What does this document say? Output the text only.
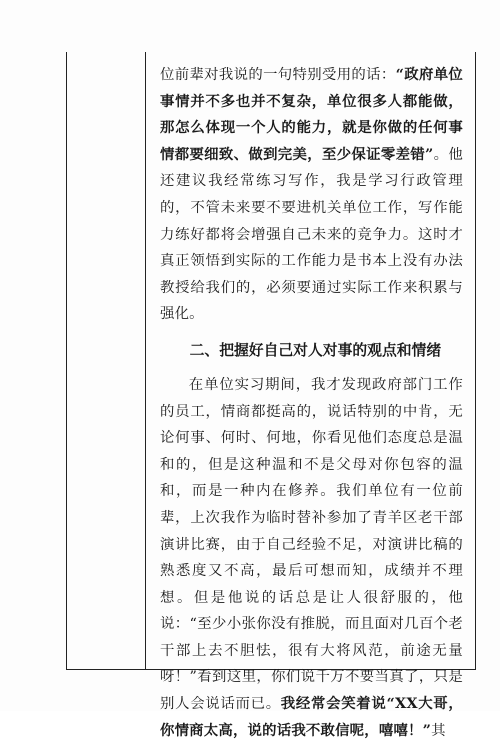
位前辈对我说的一句特别受用的话：“政府单位事情并不多也并不复杂，单位很多人都能做，那怎么体现一个人的能力，就是你做的任何事情都要细致、做到完美，至少保证零差错”。他还建议我经常练习写作，我是学习行政管理的，不管未来要不要进机关单位工作，写作能力练好都将会增强自己未来的竞争力。这时才真正领悟到实际的工作能力是书本上没有办法教授给我们的，必须要通过实际工作来积累与强化。

二、把握好自己对人对事的观点和情绪

在单位实习期间，我才发现政府部门工作的员工，情商都挺高的，说话特别的中肯，无论何事、何时、何地，你看见他们态度总是温和的，但是这种温和不是父母对你包容的温和，而是一种内在修养。我们单位有一位前辈，上次我作为临时替补参加了青羊区老干部演讲比赛，由于自己经验不足，对演讲比稿的熟悉度又不高，最后可想而知，成绩并不理想。但是他说的话总是让人很舒服的，他说：“至少小张你没有推脱，而且面对几百个老干部上去不胆怯，很有大将风范，前途无量呀！”看到这里，你们说千万不要当真了，只是别人会说话而已。我经常会笑着说“XX大哥，你情商太高，说的话我不敢信呢，嘻嘻！”其
